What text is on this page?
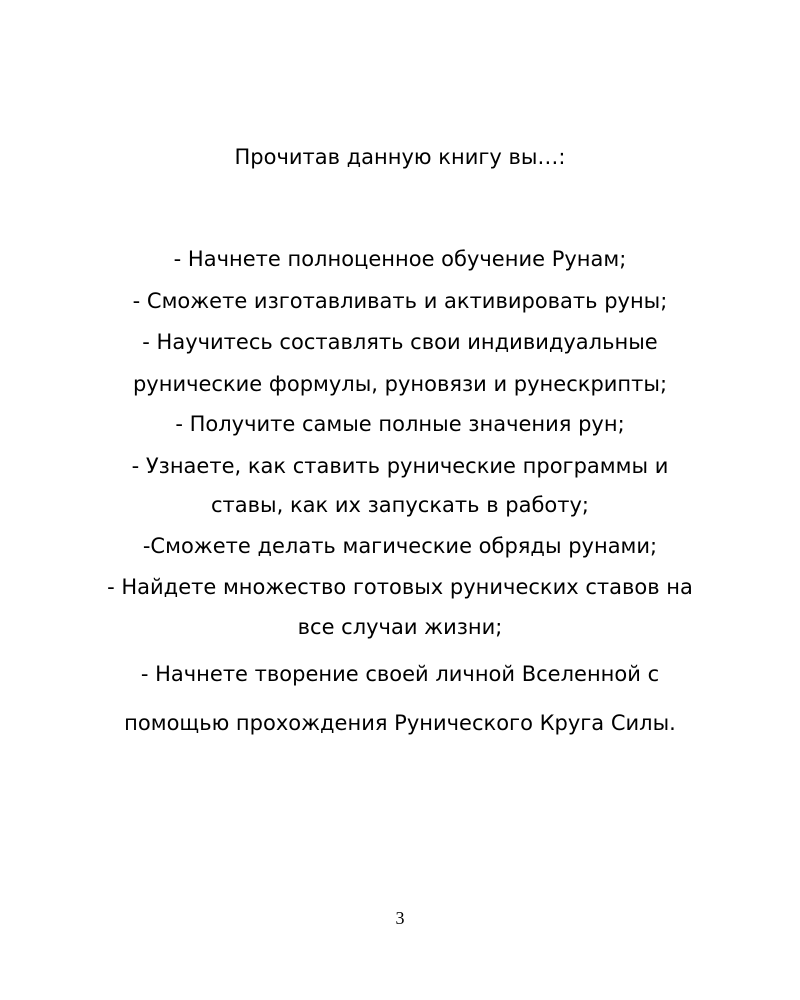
Прочитав данную книгу вы…:
- Начнете полноценное обучение Рунам;
- Сможете изготавливать и активировать руны;
- Научитесь составлять свои индивидуальные
рунические формулы, руновязи и рунескрипты;
- Получите самые полные значения рун;
- Узнаете, как ставить рунические программы и
ставы, как их запускать в работу;
-Сможете делать магические обряды рунами;
- Найдете множество готовых рунических ставов на
все случаи жизни;
- Начнете творение своей личной Вселенной с
помощью прохождения Рунического Круга Силы.
3
